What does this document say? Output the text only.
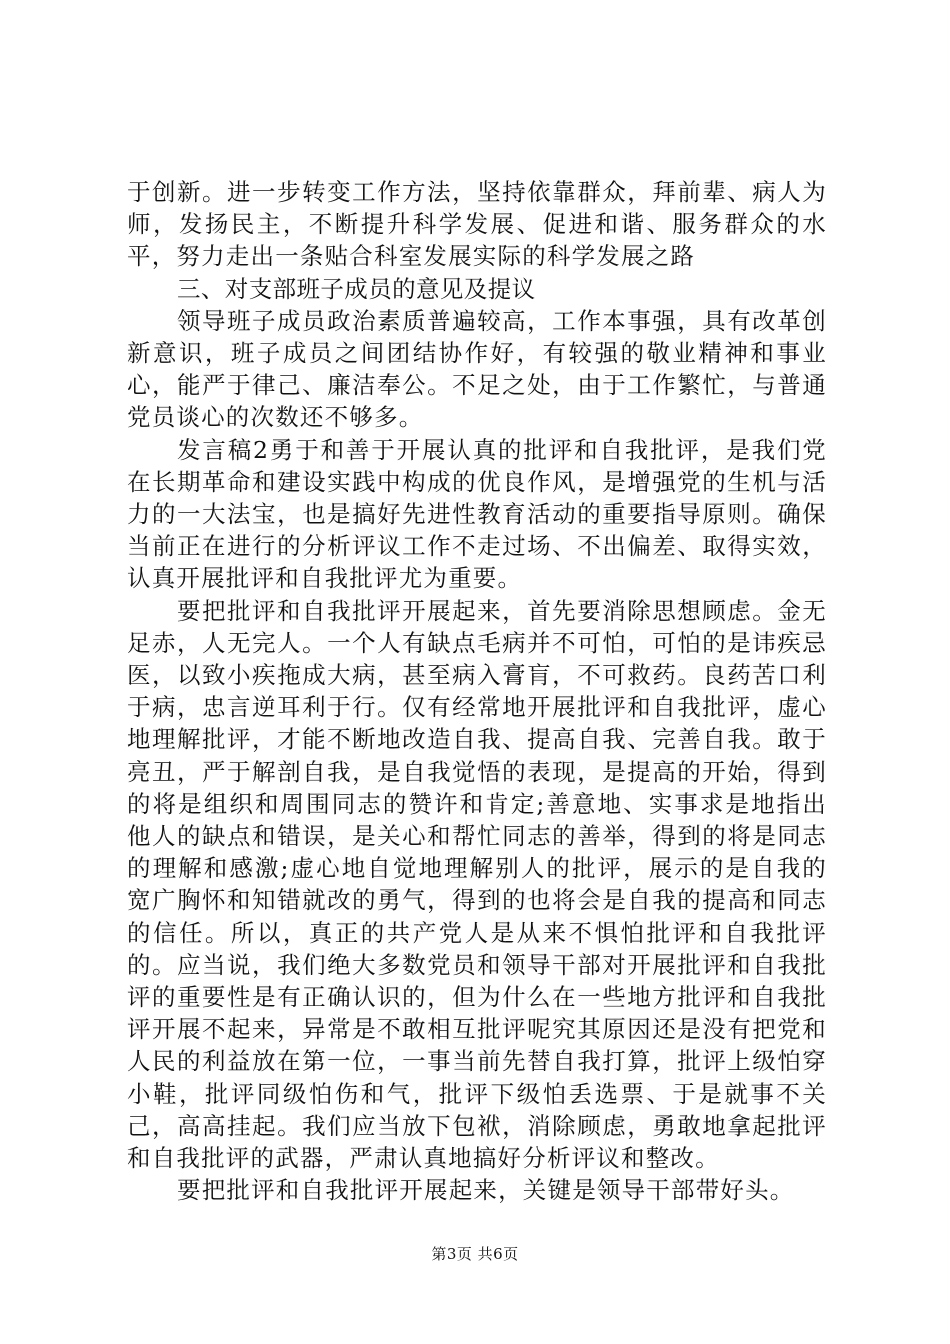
于创新。进一步转变工作方法，坚持依靠群众，拜前辈、病人为师，发扬民主，不断提升科学发展、促进和谐、服务群众的水平，努力走出一条贴合科室发展实际的科学发展之路

三、对支部班子成员的意见及提议

领导班子成员政治素质普遍较高，工作本事强，具有改革创新意识，班子成员之间团结协作好，有较强的敬业精神和事业心，能严于律己、廉洁奉公。不足之处，由于工作繁忙，与普通党员谈心的次数还不够多。

发言稿2勇于和善于开展认真的批评和自我批评，是我们党在长期革命和建设实践中构成的优良作风，是增强党的生机与活力的一大法宝，也是搞好先进性教育活动的重要指导原则。确保当前正在进行的分析评议工作不走过场、不出偏差、取得实效，认真开展批评和自我批评尤为重要。

要把批评和自我批评开展起来，首先要消除思想顾虑。金无足赤，人无完人。一个人有缺点毛病并不可怕，可怕的是讳疾忌医，以致小疾拖成大病，甚至病入膏肓，不可救药。良药苦口利于病，忠言逆耳利于行。仅有经常地开展批评和自我批评，虚心地理解批评，才能不断地改造自我、提高自我、完善自我。敢于亮丑，严于解剖自我，是自我觉悟的表现，是提高的开始，得到的将是组织和周围同志的赞许和肯定;善意地、实事求是地指出他人的缺点和错误，是关心和帮忙同志的善举，得到的将是同志的理解和感激;虚心地自觉地理解别人的批评，展示的是自我的宽广胸怀和知错就改的勇气，得到的也将会是自我的提高和同志的信任。所以，真正的共产党人是从来不惧怕批评和自我批评的。应当说，我们绝大多数党员和领导干部对开展批评和自我批评的重要性是有正确认识的，但为什么在一些地方批评和自我批评开展不起来，异常是不敢相互批评呢究其原因还是没有把党和人民的利益放在第一位，一事当前先替自我打算，批评上级怕穿小鞋，批评同级怕伤和气，批评下级怕丢选票、于是就事不关己，高高挂起。我们应当放下包袱，消除顾虑，勇敢地拿起批评和自我批评的武器，严肃认真地搞好分析评议和整改。

要把批评和自我批评开展起来，关键是领导干部带好头。

第3页 共6页
